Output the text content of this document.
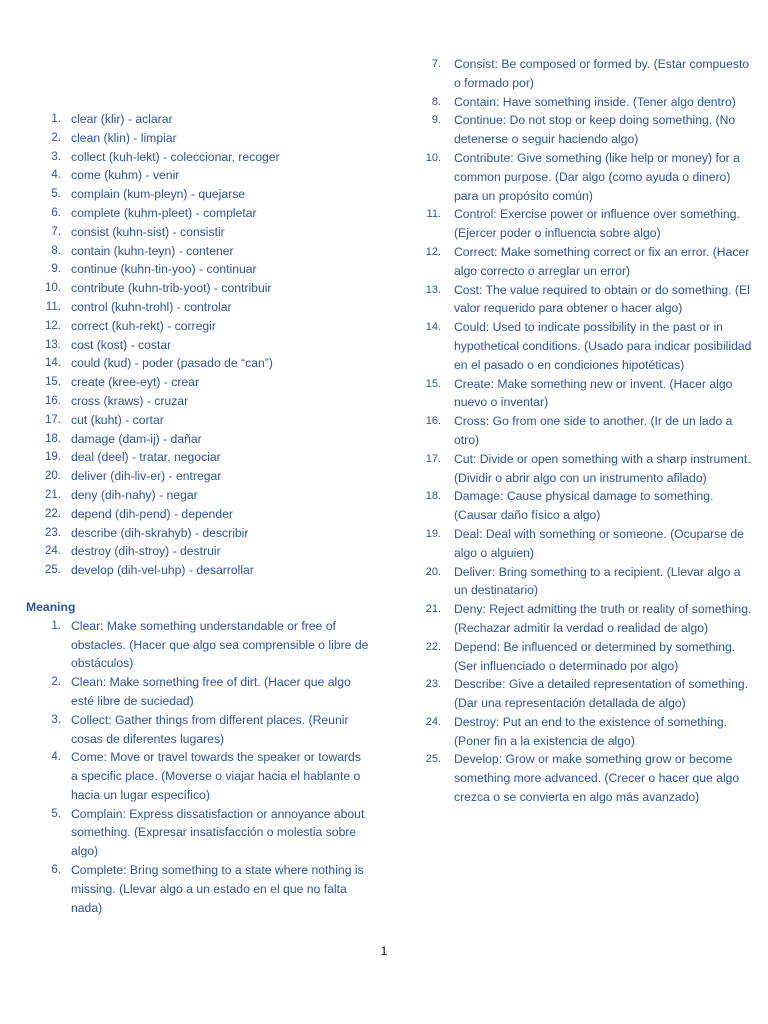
1. clear (klir) - aclarar
2. clean (klin) - limpiar
3. collect (kuh-lekt) - coleccionar, recoger
4. come (kuhm) - venir
5. complain (kum-pleyn) - quejarse
6. complete (kuhm-pleet) - completar
7. consist (kuhn-sist) - consistir
8. contain (kuhn-teyn) - contener
9. continue (kuhn-tin-yoo) - continuar
10. contribute (kuhn-trib-yoot) - contribuir
11. control (kuhn-trohl) - controlar
12. correct (kuh-rekt) - corregir
13. cost (kost) - costar
14. could (kud) - poder (pasado de “can”)
15. create (kree-eyt) - crear
16. cross (kraws) - cruzar
17. cut (kuht) - cortar
18. damage (dam-ij) - dañar
19. deal (deel) - tratar, negociar
20. deliver (dih-liv-er) - entregar
21. deny (dih-nahy) - negar
22. depend (dih-pend) - depender
23. describe (dih-skrahyb) - describir
24. destroy (dih-stroy) - destruir
25. develop (dih-vel-uhp) - desarrollar
Meaning
1. Clear: Make something understandable or free of obstacles. (Hacer que algo sea comprensible o libre de obstáculos)
2. Clean: Make something free of dirt. (Hacer que algo esté libre de suciedad)
3. Collect: Gather things from different places. (Reunir cosas de diferentes lugares)
4. Come: Move or travel towards the speaker or towards a specific place. (Moverse o viajar hacia el hablante o hacia un lugar específico)
5. Complain: Express dissatisfaction or annoyance about something. (Expresar insatisfacción o molestia sobre algo)
6. Complete: Bring something to a state where nothing is missing. (Llevar algo a un estado en el que no falta nada)
7. Consist: Be composed or formed by. (Estar compuesto o formado por)
8. Contain: Have something inside. (Tener algo dentro)
9. Continue: Do not stop or keep doing something. (No detenerse o seguir haciendo algo)
10. Contribute: Give something (like help or money) for a common purpose. (Dar algo (como ayuda o dinero) para un propósito común)
11. Control: Exercise power or influence over something. (Ejercer poder o influencia sobre algo)
12. Correct: Make something correct or fix an error. (Hacer algo correcto o arreglar un error)
13. Cost: The value required to obtain or do something. (El valor requerido para obtener o hacer algo)
14. Could: Used to indicate possibility in the past or in hypothetical conditions. (Usado para indicar posibilidad en el pasado o en condiciones hipotéticas)
15. Create: Make something new or invent. (Hacer algo nuevo o inventar)
16. Cross: Go from one side to another. (Ir de un lado a otro)
17. Cut: Divide or open something with a sharp instrument. (Dividir o abrir algo con un instrumento afilado)
18. Damage: Cause physical damage to something. (Causar daño físico a algo)
19. Deal: Deal with something or someone. (Ocuparse de algo o alguien)
20. Deliver: Bring something to a recipient. (Llevar algo a un destinatario)
21. Deny: Reject admitting the truth or reality of something. (Rechazar admitir la verdad o realidad de algo)
22. Depend: Be influenced or determined by something. (Ser influenciado o determinado por algo)
23. Describe: Give a detailed representation of something. (Dar una representación detallada de algo)
24. Destroy: Put an end to the existence of something. (Poner fin a la existencia de algo)
25. Develop: Grow or make something grow or become something more advanced. (Crecer o hacer que algo crezca o se convierta en algo más avanzado)
1
